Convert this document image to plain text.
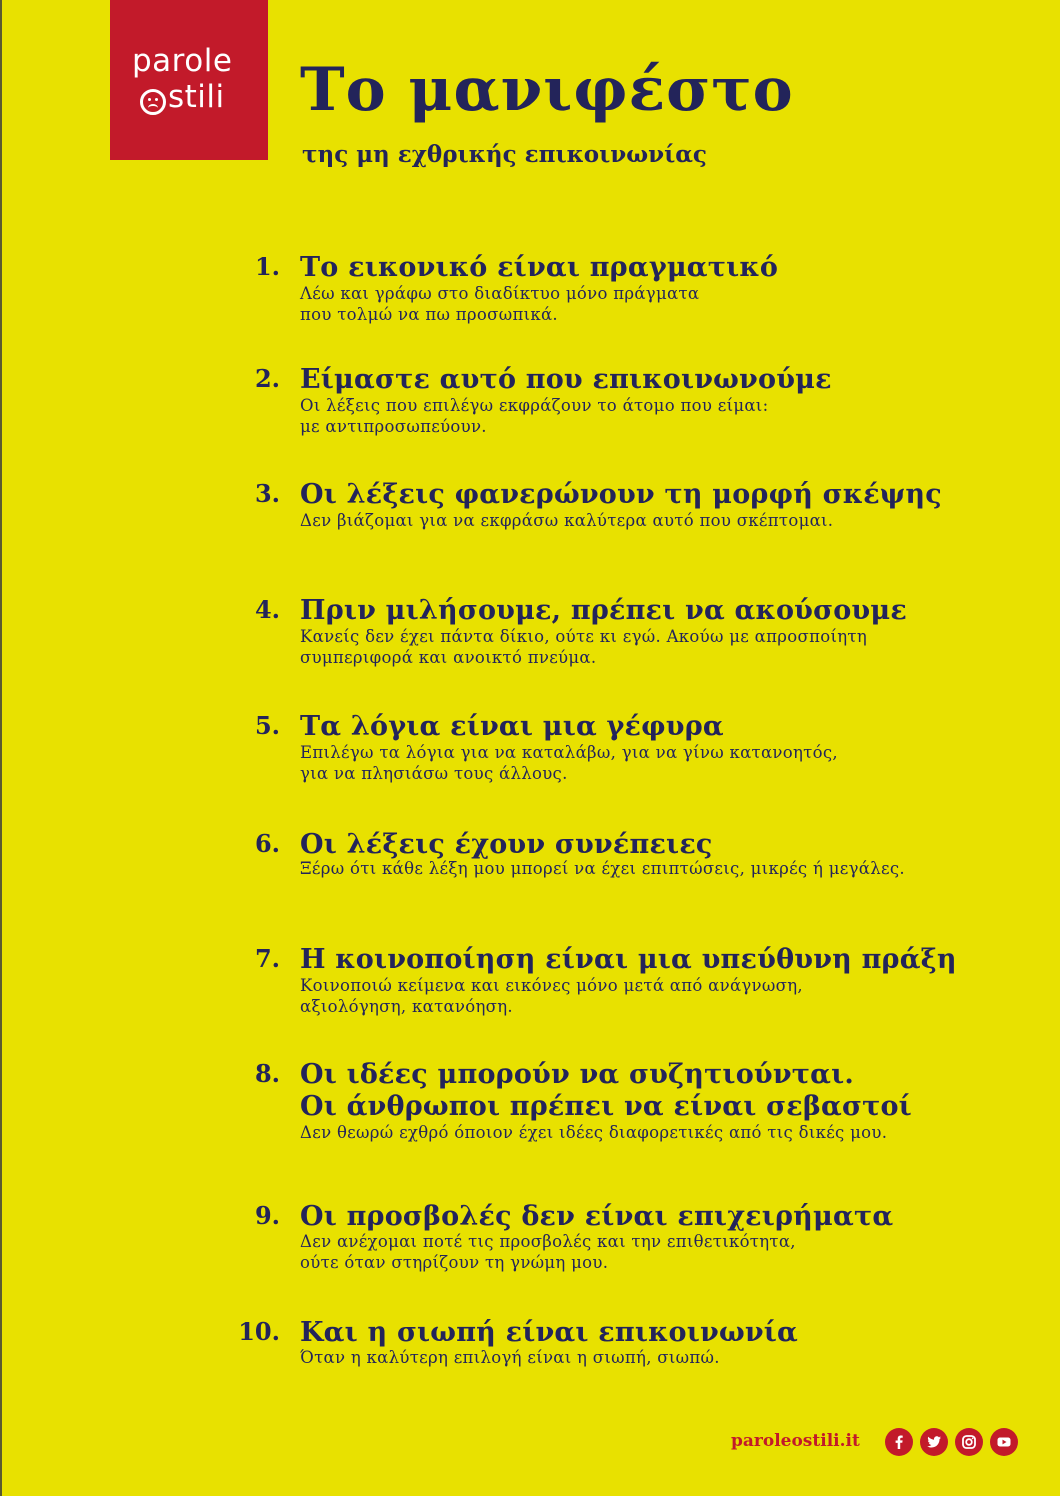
parole
stili Το μανιφέστο
της μη εχθρικής επικοινωνίας
1. Το εικονικό είναι πραγματικό
Λέω και γράφω στο διαδίκτυο μόνο πράγματα
που τολμώ να πω προσωπικά.
2. Είμαστε αυτό που επικοινωνούμε
Οι λέξεις που επιλέγω εκφράζουν το άτομο που είμαι:
με αντιπροσωπεύουν.
3. Οι λέξεις φανερώνουν τη μορφή σκέψης
Δεν βιάζομαι για να εκφράσω καλύτερα αυτό που σκέπτομαι.
4. Πριν μιλήσουμε, πρέπει να ακούσουμε
Κανείς δεν έχει πάντα δίκιο, ούτε κι εγώ. Ακούω με απροσποίητη
συμπεριφορά και ανοικτό πνεύμα.
5. Τα λόγια είναι μια γέφυρα
Επιλέγω τα λόγια για να καταλάβω, για να γίνω κατανοητός,
για να πλησιάσω τους άλλους.
6. Οι λέξεις έχουν συνέπειες
Ξέρω ότι κάθε λέξη μου μπορεί να έχει επιπτώσεις, μικρές ή μεγάλες.
7. Η κοινοποίηση είναι μια υπεύθυνη πράξη
Κοινοποιώ κείμενα και εικόνες μόνο μετά από ανάγνωση,
αξιολόγηση, κατανόηση.
8. Οι ιδέες μπορούν να συζητιούνται.
Οι άνθρωποι πρέπει να είναι σεβαστοί
Δεν θεωρώ εχθρό όποιον έχει ιδέες διαφορετικές από τις δικές μου.
9. Οι προσβολές δεν είναι επιχειρήματα
Δεν ανέχομαι ποτέ τις προσβολές και την επιθετικότητα,
ούτε όταν στηρίζουν τη γνώμη μου.
10. Και η σιωπή είναι επικοινωνία
Όταν η καλύτερη επιλογή είναι η σιωπή, σιωπώ.
paroleostili.it
